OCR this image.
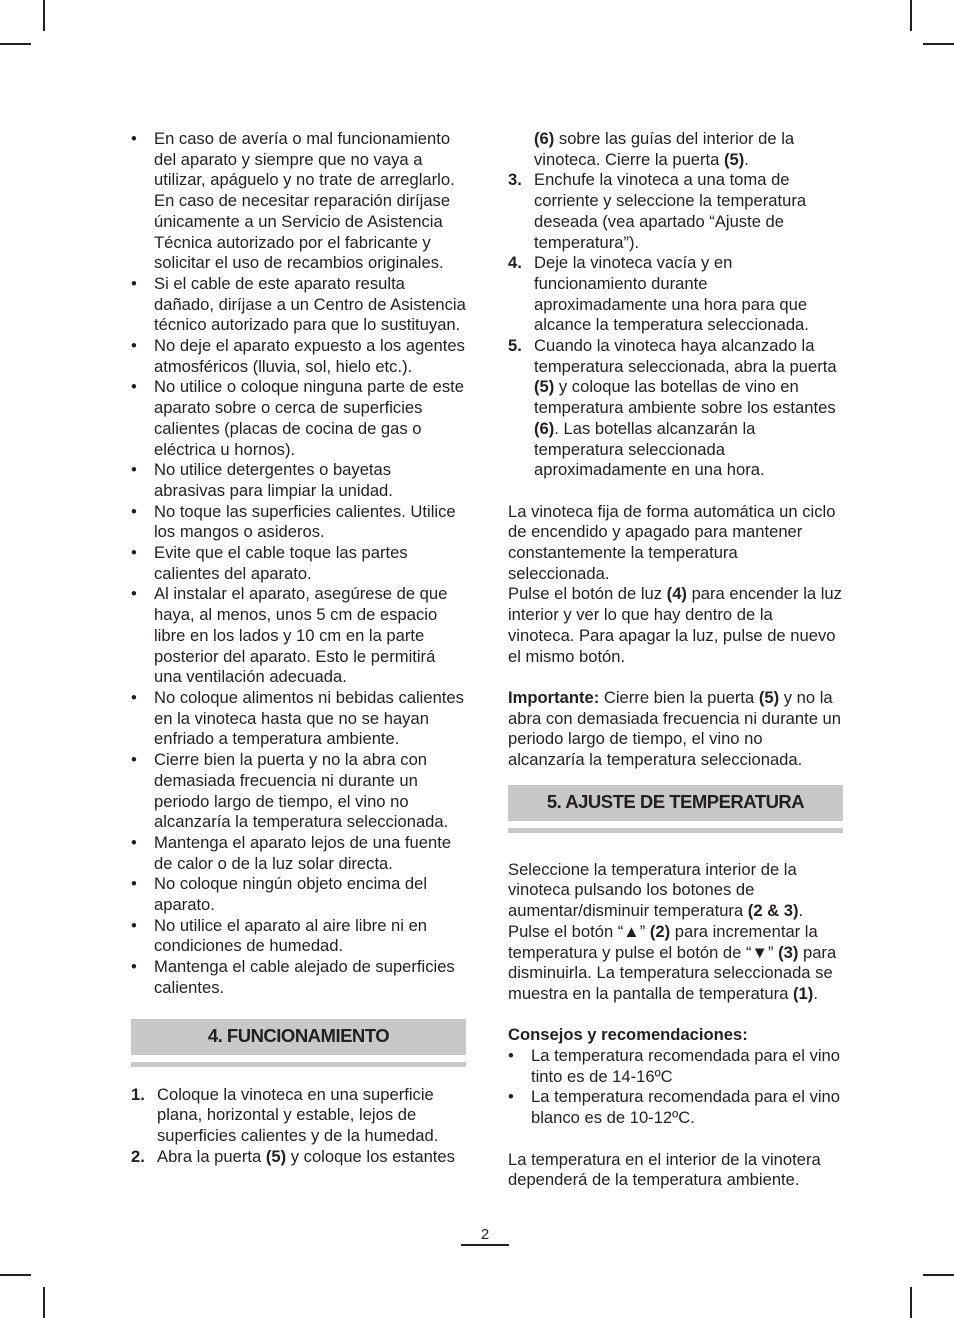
• En caso de avería o mal funcionamiento del aparato y siempre que no vaya a utilizar, apáguelo y no trate de arreglarlo. En caso de necesitar reparación diríjase únicamente a un Servicio de Asistencia Técnica autorizado por el fabricante y solicitar el uso de recambios originales.
• Si el cable de este aparato resulta dañado, diríjase a un Centro de Asistencia técnico autorizado para que lo sustituyan.
• No deje el aparato expuesto a los agentes atmosféricos (lluvia, sol, hielo etc.).
• No utilice o coloque ninguna parte de este aparato sobre o cerca de superficies calientes (placas de cocina de gas o eléctrica u hornos).
• No utilice detergentes o bayetas abrasivas para limpiar la unidad.
• No toque las superficies calientes. Utilice los mangos o asideros.
• Evite que el cable toque las partes calientes del aparato.
• Al instalar el aparato, asegúrese de que haya, al menos, unos 5 cm de espacio libre en los lados y 10 cm en la parte posterior del aparato. Esto le permitirá una ventilación adecuada.
• No coloque alimentos ni bebidas calientes en la vinoteca hasta que no se hayan enfriado a temperatura ambiente.
• Cierre bien la puerta y no la abra con demasiada frecuencia ni durante un periodo largo de tiempo, el vino no alcanzaría la temperatura seleccionada.
• Mantenga el aparato lejos de una fuente de calor o de la luz solar directa.
• No coloque ningún objeto encima del aparato.
• No utilice el aparato al aire libre ni en condiciones de humedad.
• Mantenga el cable alejado de superficies calientes.
4. FUNCIONAMIENTO
1. Coloque la vinoteca en una superficie plana, horizontal y estable, lejos de superficies calientes y de la humedad.
2. Abra la puerta (5) y coloque los estantes
(6) sobre las guías del interior de la vinoteca. Cierre la puerta (5).
3. Enchufe la vinoteca a una toma de corriente y seleccione la temperatura deseada (vea apartado “Ajuste de temperatura”).
4. Deje la vinoteca vacía y en funcionamiento durante aproximadamente una hora para que alcance la temperatura seleccionada.
5. Cuando la vinoteca haya alcanzado la temperatura seleccionada, abra la puerta (5) y coloque las botellas de vino en temperatura ambiente sobre los estantes (6). Las botellas alcanzarán la temperatura seleccionada aproximadamente en una hora.

La vinoteca fija de forma automática un ciclo de encendido y apagado para mantener constantemente la temperatura seleccionada.

Pulse el botón de luz (4) para encender la luz interior y ver lo que hay dentro de la vinoteca. Para apagar la luz, pulse de nuevo el mismo botón.

Importante: Cierre bien la puerta (5) y no la abra con demasiada frecuencia ni durante un periodo largo de tiempo, el vino no alcanzaría la temperatura seleccionada.

5. AJUSTE DE TEMPERATURA

Seleccione la temperatura interior de la vinoteca pulsando los botones de aumentar/disminuir temperatura (2 & 3).

Pulse el botón “▲” (2) para incrementar la temperatura y pulse el botón de “▼” (3) para disminuirla. La temperatura seleccionada se muestra en la pantalla de temperatura (1).

Consejos y recomendaciones:

• La temperatura recomendada para el vino tinto es de 14-16ºC
• La temperatura recomendada para el vino blanco es de 10-12ºC.

La temperatura en el interior de la vinotera dependerá de la temperatura ambiente.

2
